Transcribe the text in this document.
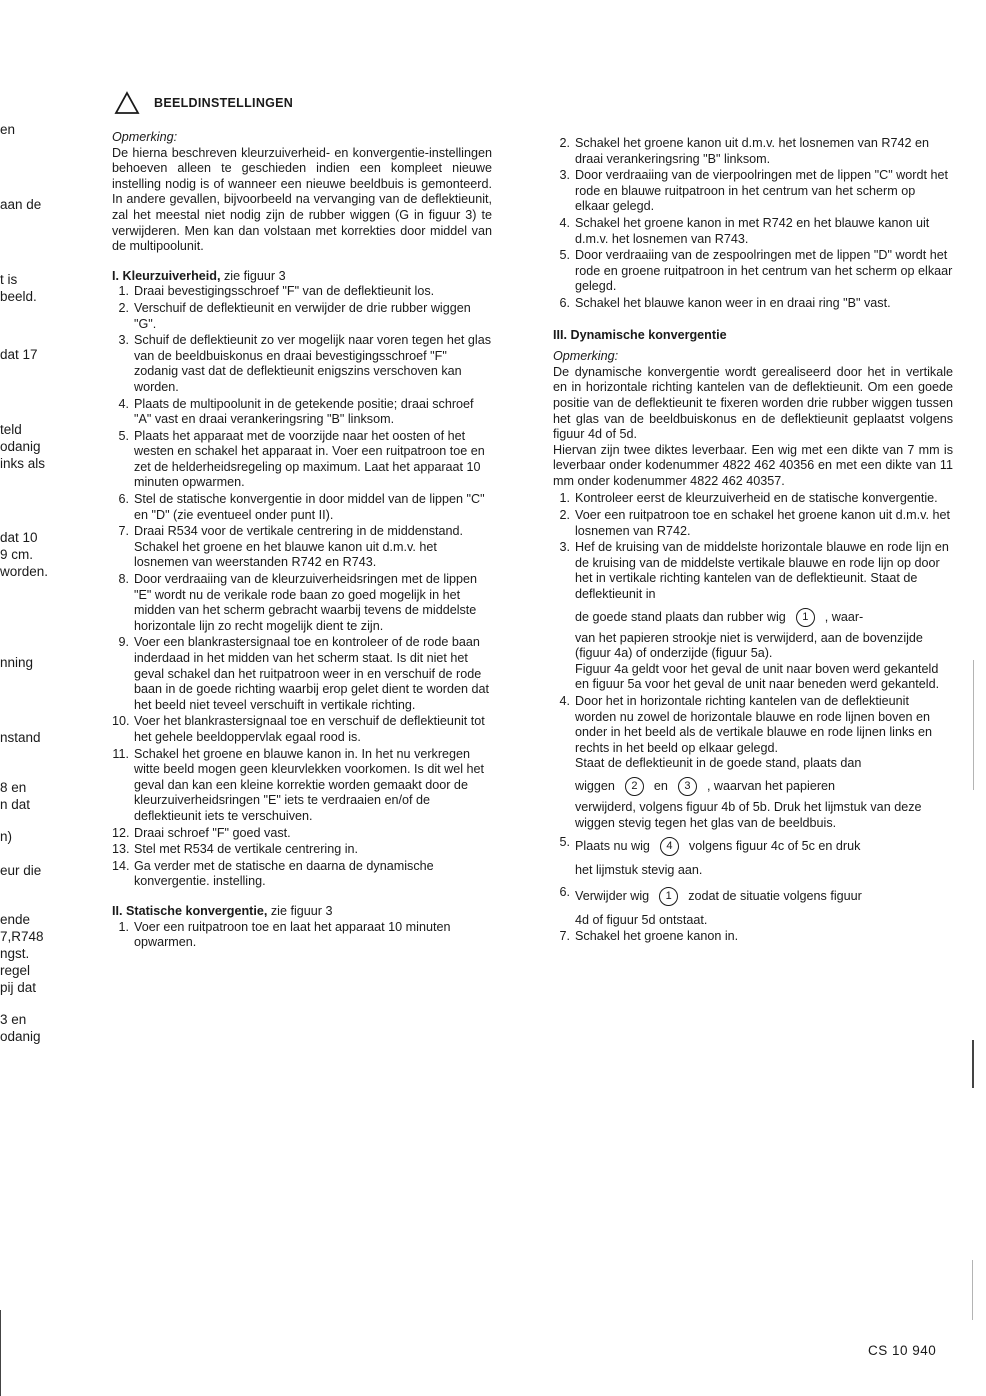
en
aan de
t is
beeld.
dat 17
teld
odanig
inks als
dat 10
9 cm.
worden.
nning
nstand
8 en
n dat
n)
eur die
ende
7,R748
ngst.
regel
pij dat
3 en
odanig
BEELDINSTELLINGEN

Opmerking:

De hierna beschreven kleurzuiverheid- en konvergentie-instellingen behoeven alleen te geschieden indien een kompleet nieuwe instelling nodig is of wanneer een nieuwe beeldbuis is gemonteerd. In andere gevallen, bijvoorbeeld na vervanging van de deflektieunit, zal het meestal niet nodig zijn de rubber wiggen (G in figuur 3) te verwijderen. Men kan dan volstaan met korrekties door middel van de multipoolunit.

I. Kleurzuiverheid, zie figuur 3

1. Draai bevestigingsschroef "F" van de deflektieunit los.
2. Verschuif de deflektieunit en verwijder de drie rubber wiggen "G".
3. Schuif de deflektieunit zo ver mogelijk naar voren tegen het glas van de beeldbuiskonus en draai bevestigingsschroef "F" zodanig vast dat de deflektieunit enigszins verschoven kan worden.
4. Plaats de multipoolunit in de getekende positie; draai schroef "A" vast en draai verankeringsring "B" linksom.
5. Plaats het apparaat met de voorzijde naar het oosten of het westen en schakel het apparaat in. Voer een ruitpatroon toe en zet de helderheidsregeling op maximum. Laat het apparaat 10 minuten opwarmen.
6. Stel de statische konvergentie in door middel van de lippen "C" en "D" (zie eventueel onder punt II).
7. Draai R534 voor de vertikale centrering in de middenstand. Schakel het groene en het blauwe kanon uit d.m.v. het losnemen van weerstanden R742 en R743.
8. Door verdraaiing van de kleurzuiverheidsringen met de lippen "E" wordt nu de verikale rode baan zo goed mogelijk in het midden van het scherm gebracht waarbij tevens de middelste horizontale lijn zo recht mogelijk dient te zijn.
9. Voer een blankrastersignaal toe en kontroleer of de rode baan inderdaad in het midden van het scherm staat. Is dit niet het geval schakel dan het ruitpatroon weer in en verschuif de rode baan in de goede richting waarbij erop gelet dient te worden dat het beeld niet teveel verschuift in vertikale richting.
10. Voer het blankrastersignaal toe en verschuif de deflektieunit tot het gehele beeldoppervlak egaal rood is.
11. Schakel het groene en blauwe kanon in. In het nu verkregen witte beeld mogen geen kleurvlekken voorkomen. Is dit wel het geval dan kan een kleine korrektie worden gemaakt door de kleurzuiverheidsringen "E" iets te verdraaien en/of de deflektieunit iets te verschuiven.
12. Draai schroef "F" goed vast.
13. Stel met R534 de vertikale centrering in.
14. Ga verder met de statische en daarna de dynamische konvergentie. instelling.

II. Statische konvergentie, zie figuur 3

1. Voer een ruitpatroon toe en laat het apparaat 10 minuten opwarmen.
2. Schakel het groene kanon uit d.m.v. het losnemen van R742 en draai verankeringsring "B" linksom.
3. Door verdraaiing van de vierpoolringen met de lippen "C" wordt het rode en blauwe ruitpatroon in het centrum van het scherm op elkaar gelegd.
4. Schakel het groene kanon in met R742 en het blauwe kanon uit d.m.v. het losnemen van R743.
5. Door verdraaiing van de zespoolringen met de lippen "D" wordt het rode en groene ruitpatroon in het centrum van het scherm op elkaar gelegd.
6. Schakel het blauwe kanon weer in en draai ring "B" vast.

III. Dynamische konvergentie

Opmerking:

De dynamische konvergentie wordt gerealiseerd door het in vertikale en in horizontale richting kantelen van de deflektieunit. Om een goede positie van de deflektieunit te fixeren worden drie rubber wiggen tussen het glas van de beeldbuiskonus en de deflektieunit geplaatst volgens figuur 4d of 5d.

Hiervan zijn twee diktes leverbaar. Een wig met een dikte van 7 mm is leverbaar onder kodenummer 4822 462 40356 en met een dikte van 11 mm onder kodenummer 4822 462 40357.

1. Kontroleer eerst de kleurzuiverheid en de statische konvergentie.
2. Voer een ruitpatroon toe en schakel het groene kanon uit d.m.v. het losnemen van R742.
3. Hef de kruising van de middelste horizontale blauwe en rode lijn en de kruising van de middelste vertikale blauwe en rode lijn op door het in vertikale richting kantelen van de deflektieunit. Staat de deflektieunit in
de goede stand plaats dan rubber wig 1 , waar-
van het papieren strookje niet is verwijderd, aan de bovenzijde (figuur 4a) of onderzijde (figuur 5a).
Figuur 4a geldt voor het geval de unit naar boven werd gekanteld en figuur 5a voor het geval de unit naar beneden werd gekanteld.
4. Door het in horizontale richting kantelen van de deflektieunit worden nu zowel de horizontale blauwe en rode lijnen boven en onder in het beeld als de vertikale blauwe en rode lijnen links en rechts in het beeld op elkaar gelegd.
Staat de deflektieunit in de goede stand, plaats dan
wiggen 2 en 3 , waarvan het papieren
verwijderd, volgens figuur 4b of 5b. Druk het lijmstuk van deze wiggen stevig tegen het glas van de beeldbuis.
5. Plaats nu wig 4 volgens figuur 4c of 5c en druk
het lijmstuk stevig aan.
6. Verwijder wig 1 zodat de situatie volgens figuur
4d of figuur 5d ontstaat.
7. Schakel het groene kanon in.
CS 10 940
